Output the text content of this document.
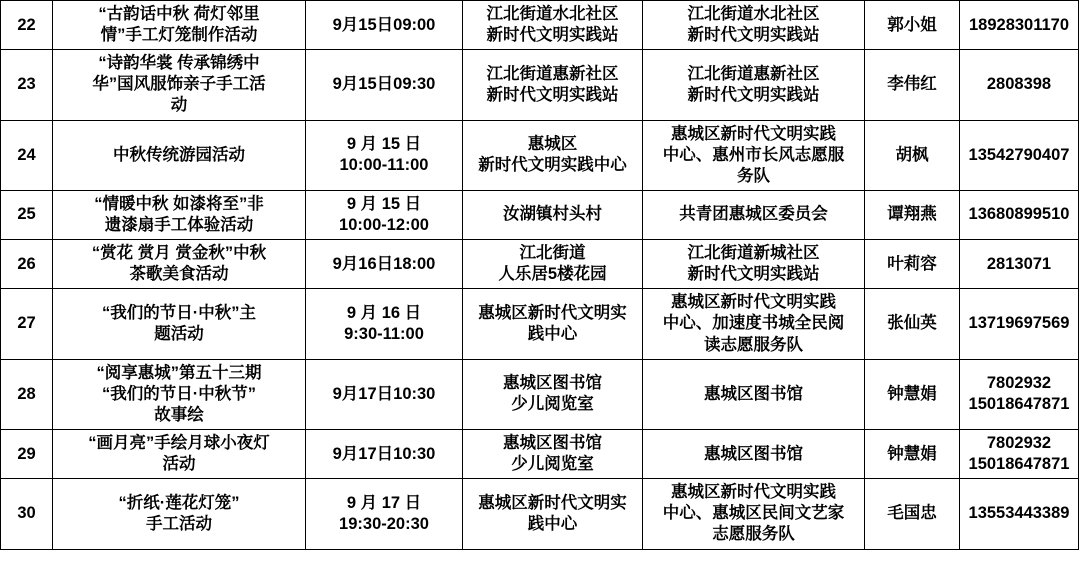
22	“古韵话中秋 荷灯邻里
情”手工灯笼制作活动	9月15日09:00	江北街道水北社区
新时代文明实践站	江北街道水北社区
新时代文明实践站	郭小姐	18928301170

23	“诗韵华裳 传承锦绣中
华”国风服饰亲子手工活
动	9月15日09:30	江北街道惠新社区
新时代文明实践站	江北街道惠新社区
新时代文明实践站	李伟红	2808398

24	中秋传统游园活动	9 月 15 日
10:00-11:00	惠城区
新时代文明实践中心	惠城区新时代文明实践
中心、惠州市长风志愿服
务队	胡枫	13542790407

25	“情暖中秋 如漆将至”非
遗漆扇手工体验活动	9 月 15 日
10:00-12:00	汝湖镇村头村	共青团惠城区委员会	谭翔燕	13680899510

26	“赏花 赏月 赏金秋”中秋
茶歌美食活动	9月16日18:00	江北街道
人乐居5楼花园	江北街道新城社区
新时代文明实践站	叶莉容	2813071

27	“我们的节日·中秋”主
题活动	9 月 16 日
9:30-11:00	惠城区新时代文明实
践中心	惠城区新时代文明实践
中心、加速度书城全民阅
读志愿服务队	张仙英	13719697569

28	“阅享惠城”第五十三期
“我们的节日·中秋节”
故事绘	9月17日10:30	惠城区图书馆
少儿阅览室	惠城区图书馆	钟慧娟	7802932
15018647871

29	“画月亮”手绘月球小夜灯
活动	9月17日10:30	惠城区图书馆
少儿阅览室	惠城区图书馆	钟慧娟	7802932
15018647871

30	“折纸·莲花灯笼”
手工活动	9 月 17 日
19:30-20:30	惠城区新时代文明实
践中心	惠城区新时代文明实践
中心、惠城区民间文艺家
志愿服务队	毛国忠	13553443389
